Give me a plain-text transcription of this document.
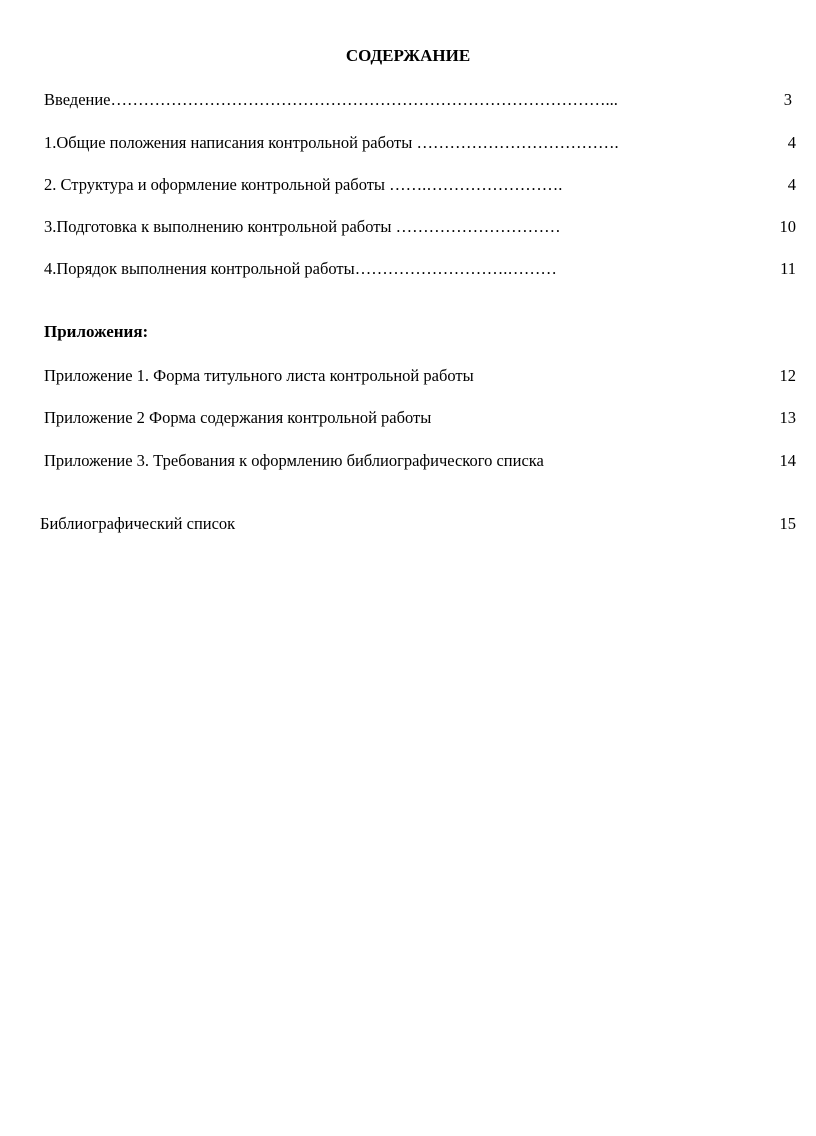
СОДЕРЖАНИЕ
Введение………………………………………………………………………………...	3
1.Общие положения написания контрольной работы ……………………………….	4
2. Структура и оформление контрольной работы …….…………………….	4
3.Подготовка к выполнению контрольной работы …………………………	10
4.Порядок выполнения контрольной работы……………………….………	11
Приложения:
Приложение 1. Форма титульного листа контрольной работы	12
Приложение 2 Форма содержания контрольной работы	13
Приложение 3. Требования к оформлению библиографического списка	14
Библиографический список	15
